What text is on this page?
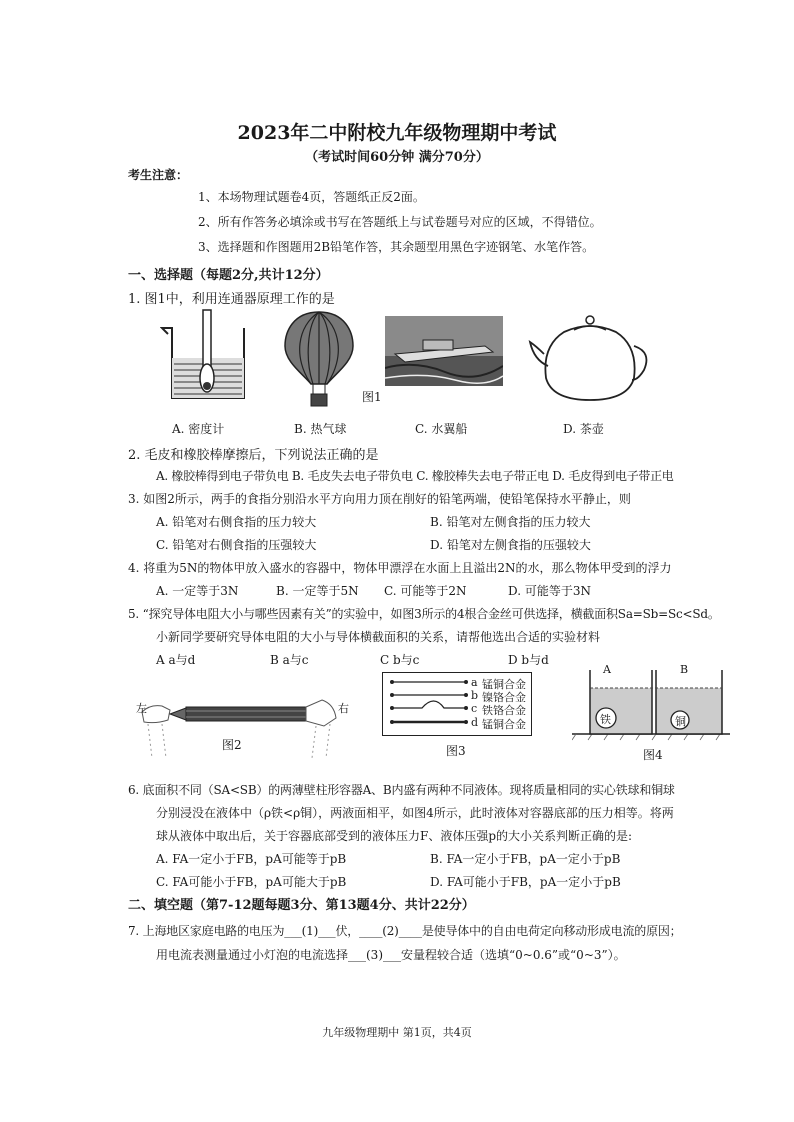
2023年二中附校九年级物理期中考试
（考试时间60分钟 满分70分）
考生注意：
1、本场物理试题卷4页，答题纸正反2面。
2、所有作答务必填涂或书写在答题纸上与试卷题号对应的区域，不得错位。
3、选择题和作图题用2B铅笔作答，其余题型用黑色字迹钢笔、水笔作答。
一、选择题（每题2分,共计12分）
1. 图1中，利用连通器原理工作的是
图1
A. 密度计	B. 热气球	C. 水翼船	D. 茶壶
2. 毛皮和橡胶棒摩擦后，下列说法正确的是
A. 橡胶棒得到电子带负电 B. 毛皮失去电子带负电 C. 橡胶棒失去电子带正电 D. 毛皮得到电子带正电
3. 如图2所示，两手的食指分别沿水平方向用力顶在削好的铅笔两端，使铅笔保持水平静止，则
A. 铅笔对右侧食指的压力较大	B. 铅笔对左侧食指的压力较大
C. 铅笔对右侧食指的压强较大	D. 铅笔对左侧食指的压强较大
4. 将重为5N的物体甲放入盛水的容器中，物体甲漂浮在水面上且溢出2N的水，那么物体甲受到的浮力
A. 一定等于3N	B. 一定等于5N C. 可能等于2N	D. 可能等于3N
5. “探究导体电阻大小与哪些因素有关”的实验中，如图3所示的4根合金丝可供选择，横截面积Sa=Sb=Sc<Sd。
小新同学要研究导体电阻的大小与导体横截面积的关系，请帮他选出合适的实验材料
A a与d	B a与c	C b与c	D b与d
左	右
图2
a 锰铜合金
b 镍铬合金
c 铁铬合金
d 锰铜合金
图3
A	B
铁	铜
图4
6. 底面积不同（SA<SB）的两薄壁柱形容器A、B内盛有两种不同液体。现将质量相同的实心铁球和铜球
分别浸没在液体中（ρ铁<ρ铜），两液面相平，如图4所示，此时液体对容器底部的压力相等。将两
球从液体中取出后，关于容器底部受到的液体压力F、液体压强p的大小关系判断正确的是:
A. FA一定小于FB，pA可能等于pB	B. FA一定小于FB，pA一定小于pB
C. FA可能小于FB，pA可能大于pB	D. FA可能小于FB，pA一定小于pB
二、填空题（第7-12题每题3分、第13题4分、共计22分）
7. 上海地区家庭电路的电压为___(1)___伏，____(2)____是使导体中的自由电荷定向移动形成电流的原因；
用电流表测量通过小灯泡的电流选择___(3)___安量程较合适（选填“0~0.6”或“0~3”）。
九年级物理期中 第1页，共4页
